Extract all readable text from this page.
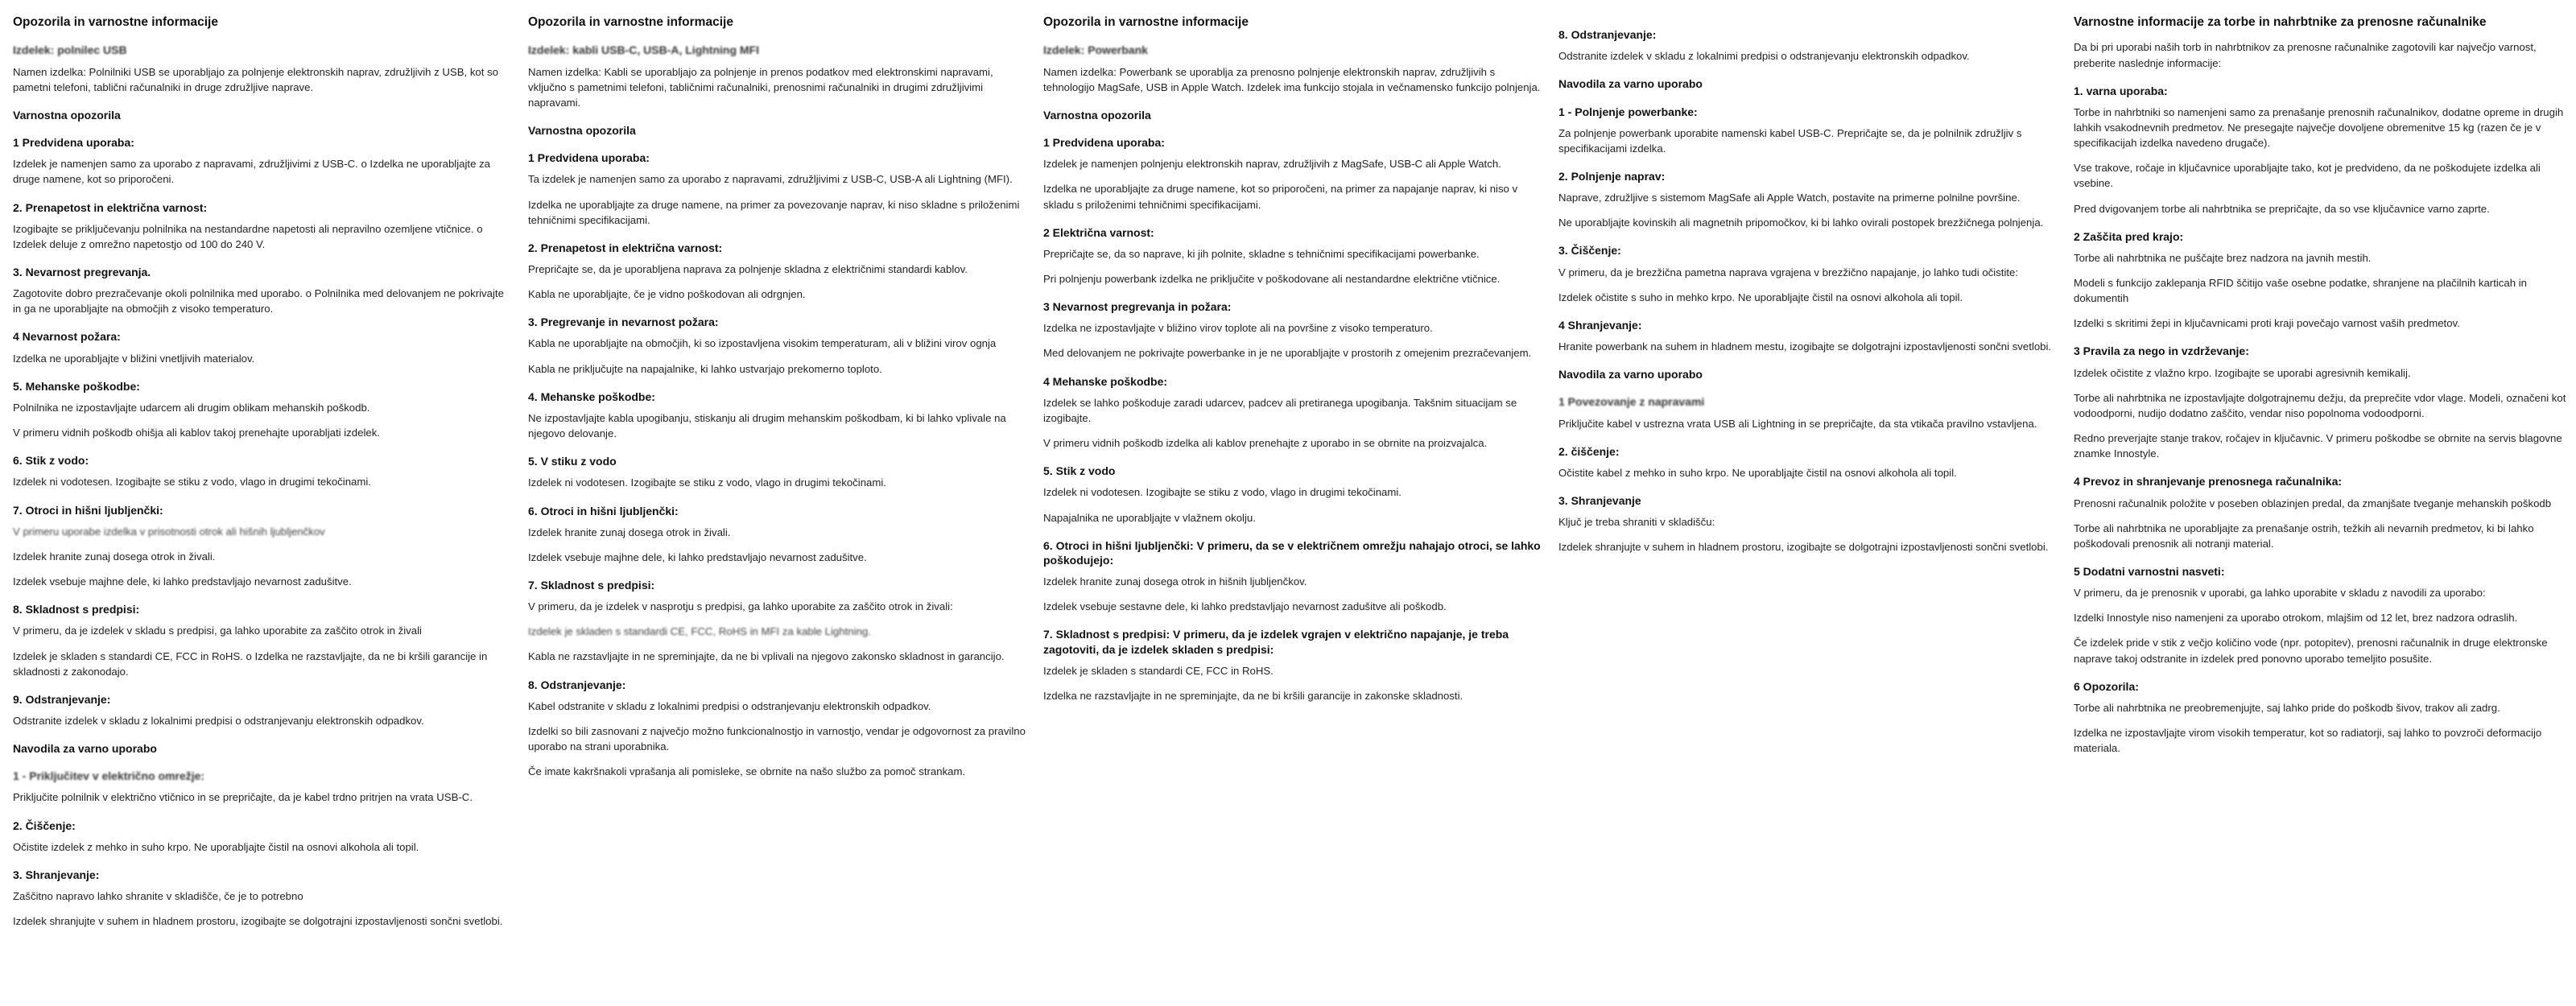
Opozorila in varnostne informacije
Izdelek: polnilec USB

Namen izdelka: Polnilniki USB se uporabljajo za polnjenje elektronskih naprav, združljivih z USB, kot so pametni telefoni, tablični računalniki in druge združljive naprave.

Varnostna opozorila
1 Predvidena uporaba:

Izdelek je namenjen samo za uporabo z napravami, združljivimi z USB-C. o Izdelka ne uporabljajte za druge namene, kot so priporočeni.

2. Prenapetost in električna varnost:

Izogibajte se priključevanju polnilnika na nestandardne napetosti ali nepravilno ozemljene vtičnice. o Izdelek deluje z omrežno napetostjo od 100 do 240 V.

3. Nevarnost pregrevanja.

Zagotovite dobro prezračevanje okoli polnilnika med uporabo. o Polnilnika med delovanjem ne pokrivajte in ga ne uporabljajte na območjih z visoko temperaturo.

4 Nevarnost požara:

Izdelka ne uporabljajte v bližini vnetljivih materialov.

5. Mehanske poškodbe:

Polnilnika ne izpostavljajte udarcem ali drugim oblikam mehanskih poškodb.

V primeru vidnih poškodb ohišja ali kablov takoj prenehajte uporabljati izdelek.

6. Stik z vodo:

Izdelek ni vodotesen. Izogibajte se stiku z vodo, vlago in drugimi tekočinami.

7. Otroci in hišni ljubljenčki:

V primeru uporabe izdelka v prisotnosti otrok ali hišnih ljubljenčkov

Izdelek hranite zunaj dosega otrok in živali.

Izdelek vsebuje majhne dele, ki lahko predstavljajo nevarnost zadušitve.

8. Skladnost s predpisi:

V primeru, da je izdelek v skladu s predpisi, ga lahko uporabite za zaščito otrok in živali

Izdelek je skladen s standardi CE, FCC in RoHS. o Izdelka ne razstavljajte, da ne bi kršili garancije in skladnosti z zakonodajo.

9. Odstranjevanje:

Odstranite izdelek v skladu z lokalnimi predpisi o odstranjevanju elektronskih odpadkov.

Navodila za varno uporabo
1 - Priključitev v električno omrežje:

Priključite polnilnik v električno vtičnico in se prepričajte, da je kabel trdno pritrjen na vrata USB-C.

2. Čiščenje:

Očistite izdelek z mehko in suho krpo. Ne uporabljajte čistil na osnovi alkohola ali topil.

3. Shranjevanje:

Zaščitno napravo lahko shranite v skladišče, če je to potrebno

Izdelek shranjujte v suhem in hladnem prostoru, izogibajte se dolgotrajni izpostavljenosti sončni svetlobi.

Opozorila in varnostne informacije
Izdelek: kabli USB-C, USB-A, Lightning MFI

Namen izdelka: Kabli se uporabljajo za polnjenje in prenos podatkov med elektronskimi napravami, vključno s pametnimi telefoni, tabličnimi računalniki, prenosnimi računalniki in drugimi združljivimi napravami.

Varnostna opozorila
1 Predvidena uporaba:

Ta izdelek je namenjen samo za uporabo z napravami, združljivimi z USB-C, USB-A ali Lightning (MFI).

Izdelka ne uporabljajte za druge namene, na primer za povezovanje naprav, ki niso skladne s priloženimi tehničnimi specifikacijami.

2. Prenapetost in električna varnost:

Prepričajte se, da je uporabljena naprava za polnjenje skladna z električnimi standardi kablov.

Kabla ne uporabljajte, če je vidno poškodovan ali odrgnjen.

3. Pregrevanje in nevarnost požara:

Kabla ne uporabljajte na območjih, ki so izpostavljena visokim temperaturam, ali v bližini virov ognja

Kabla ne priključujte na napajalnike, ki lahko ustvarjajo prekomerno toploto.

4. Mehanske poškodbe:

Ne izpostavljajte kabla upogibanju, stiskanju ali drugim mehanskim poškodbam, ki bi lahko vplivale na njegovo delovanje.

5. V stiku z vodo

Izdelek ni vodotesen. Izogibajte se stiku z vodo, vlago in drugimi tekočinami.

6. Otroci in hišni ljubljenčki:

Izdelek hranite zunaj dosega otrok in živali.

Izdelek vsebuje majhne dele, ki lahko predstavljajo nevarnost zadušitve.

7. Skladnost s predpisi:

V primeru, da je izdelek v nasprotju s predpisi, ga lahko uporabite za zaščito otrok in živali:

Izdelek je skladen s standardi CE, FCC, RoHS in MFI za kable Lightning.

Kabla ne razstavljajte in ne spreminjajte, da ne bi vplivali na njegovo zakonsko skladnost in garancijo.

8. Odstranjevanje:

Kabel odstranite v skladu z lokalnimi predpisi o odstranjevanju elektronskih odpadkov.

Izdelki so bili zasnovani z največjo možno funkcionalnostjo in varnostjo, vendar je odgovornost za pravilno uporabo na strani uporabnika.

Če imate kakršnakoli vprašanja ali pomisleke, se obrnite na našo službo za pomoč strankam.

Opozorila in varnostne informacije
Izdelek: Powerbank

Namen izdelka: Powerbank se uporablja za prenosno polnjenje elektronskih naprav, združljivih s tehnologijo MagSafe, USB in Apple Watch. Izdelek ima funkcijo stojala in večnamensko funkcijo polnjenja.

Varnostna opozorila
1 Predvidena uporaba:

Izdelek je namenjen polnjenju elektronskih naprav, združljivih z MagSafe, USB-C ali Apple Watch.

Izdelka ne uporabljajte za druge namene, kot so priporočeni, na primer za napajanje naprav, ki niso v skladu s priloženimi tehničnimi specifikacijami.

2 Električna varnost:

Prepričajte se, da so naprave, ki jih polnite, skladne s tehničnimi specifikacijami powerbanke.

Pri polnjenju powerbank izdelka ne priključite v poškodovane ali nestandardne električne vtičnice.

3 Nevarnost pregrevanja in požara:

Izdelka ne izpostavljajte v bližino virov toplote ali na površine z visoko temperaturo.

Med delovanjem ne pokrivajte powerbanke in je ne uporabljajte v prostorih z omejenim prezračevanjem.

4 Mehanske poškodbe:

Izdelek se lahko poškoduje zaradi udarcev, padcev ali pretiranega upogibanja. Takšnim situacijam se izogibajte.

V primeru vidnih poškodb izdelka ali kablov prenehajte z uporabo in se obrnite na proizvajalca.

5. Stik z vodo

Izdelek ni vodotesen. Izogibajte se stiku z vodo, vlago in drugimi tekočinami.

Napajalnika ne uporabljajte v vlažnem okolju.

6. Otroci in hišni ljubljenčki: V primeru, da se v električnem omrežju nahajajo otroci, se lahko poškodujejo:

Izdelek hranite zunaj dosega otrok in hišnih ljubljenčkov.

Izdelek vsebuje sestavne dele, ki lahko predstavljajo nevarnost zadušitve ali poškodb.

7. Skladnost s predpisi: V primeru, da je izdelek vgrajen v električno napajanje, je treba zagotoviti, da je izdelek skladen s predpisi:

Izdelek je skladen s standardi CE, FCC in RoHS.

Izdelka ne razstavljajte in ne spreminjajte, da ne bi kršili garancije in zakonske skladnosti.

8. Odstranjevanje:

Odstranite izdelek v skladu z lokalnimi predpisi o odstranjevanju elektronskih odpadkov.

Navodila za varno uporabo
1 - Polnjenje powerbanke:

Za polnjenje powerbank uporabite namenski kabel USB-C. Prepričajte se, da je polnilnik združljiv s specifikacijami izdelka.

2. Polnjenje naprav:

Naprave, združljive s sistemom MagSafe ali Apple Watch, postavite na primerne polnilne površine.

Ne uporabljajte kovinskih ali magnetnih pripomočkov, ki bi lahko ovirali postopek brezžičnega polnjenja.

3. Čiščenje:

V primeru, da je brezžična pametna naprava vgrajena v brezžično napajanje, jo lahko tudi očistite:

Izdelek očistite s suho in mehko krpo. Ne uporabljajte čistil na osnovi alkohola ali topil.

4 Shranjevanje:

Hranite powerbank na suhem in hladnem mestu, izogibajte se dolgotrajni izpostavljenosti sončni svetlobi.

Navodila za varno uporabo
1 Povezovanje z napravami

Priključite kabel v ustrezna vrata USB ali Lightning in se prepričajte, da sta vtikača pravilno vstavljena.

2. čiščenje:

Očistite kabel z mehko in suho krpo. Ne uporabljajte čistil na osnovi alkohola ali topil.

3. Shranjevanje

Ključ je treba shraniti v skladišču:

Izdelek shranjujte v suhem in hladnem prostoru, izogibajte se dolgotrajni izpostavljenosti sončni svetlobi.

Varnostne informacije za torbe in nahrbtnike za prenosne računalnike

Da bi pri uporabi naših torb in nahrbtnikov za prenosne računalnike zagotovili kar največjo varnost, preberite naslednje informacije:

1. varna uporaba:

Torbe in nahrbtniki so namenjeni samo za prenašanje prenosnih računalnikov, dodatne opreme in drugih lahkih vsakodnevnih predmetov. Ne presegajte največje dovoljene obremenitve 15 kg (razen če je v specifikacijah izdelka navedeno drugače).

Vse trakove, ročaje in ključavnice uporabljajte tako, kot je predvideno, da ne poškodujete izdelka ali vsebine.

Pred dvigovanjem torbe ali nahrbtnika se prepričajte, da so vse ključavnice varno zaprte.

2 Zaščita pred krajo:

Torbe ali nahrbtnika ne puščajte brez nadzora na javnih mestih.

Modeli s funkcijo zaklepanja RFID ščitijo vaše osebne podatke, shranjene na plačilnih karticah in dokumentih

Izdelki s skritimi žepi in ključavnicami proti kraji povečajo varnost vaših predmetov.

3 Pravila za nego in vzdrževanje:

Izdelek očistite z vlažno krpo. Izogibajte se uporabi agresivnih kemikalij.

Torbe ali nahrbtnika ne izpostavljajte dolgotrajnemu dežju, da preprečite vdor vlage. Modeli, označeni kot vodoodporni, nudijo dodatno zaščito, vendar niso popolnoma vodoodporni.

Redno preverjajte stanje trakov, ročajev in ključavnic. V primeru poškodbe se obrnite na servis blagovne znamke Innostyle.

4 Prevoz in shranjevanje prenosnega računalnika:

Prenosni računalnik položite v poseben oblazinjen predal, da zmanjšate tveganje mehanskih poškodb

Torbe ali nahrbtnika ne uporabljajte za prenašanje ostrih, težkih ali nevarnih predmetov, ki bi lahko poškodovali prenosnik ali notranji material.

5 Dodatni varnostni nasveti:

V primeru, da je prenosnik v uporabi, ga lahko uporabite v skladu z navodili za uporabo:

Izdelki Innostyle niso namenjeni za uporabo otrokom, mlajšim od 12 let, brez nadzora odraslih.

Če izdelek pride v stik z večjo količino vode (npr. potopitev), prenosni računalnik in druge elektronske naprave takoj odstranite in izdelek pred ponovno uporabo temeljito posušite.

6 Opozorila:

Torbe ali nahrbtnika ne preobremenjujte, saj lahko pride do poškodb šivov, trakov ali zadrg.

Izdelka ne izpostavljajte virom visokih temperatur, kot so radiatorji, saj lahko to povzroči deformacijo materiala.
